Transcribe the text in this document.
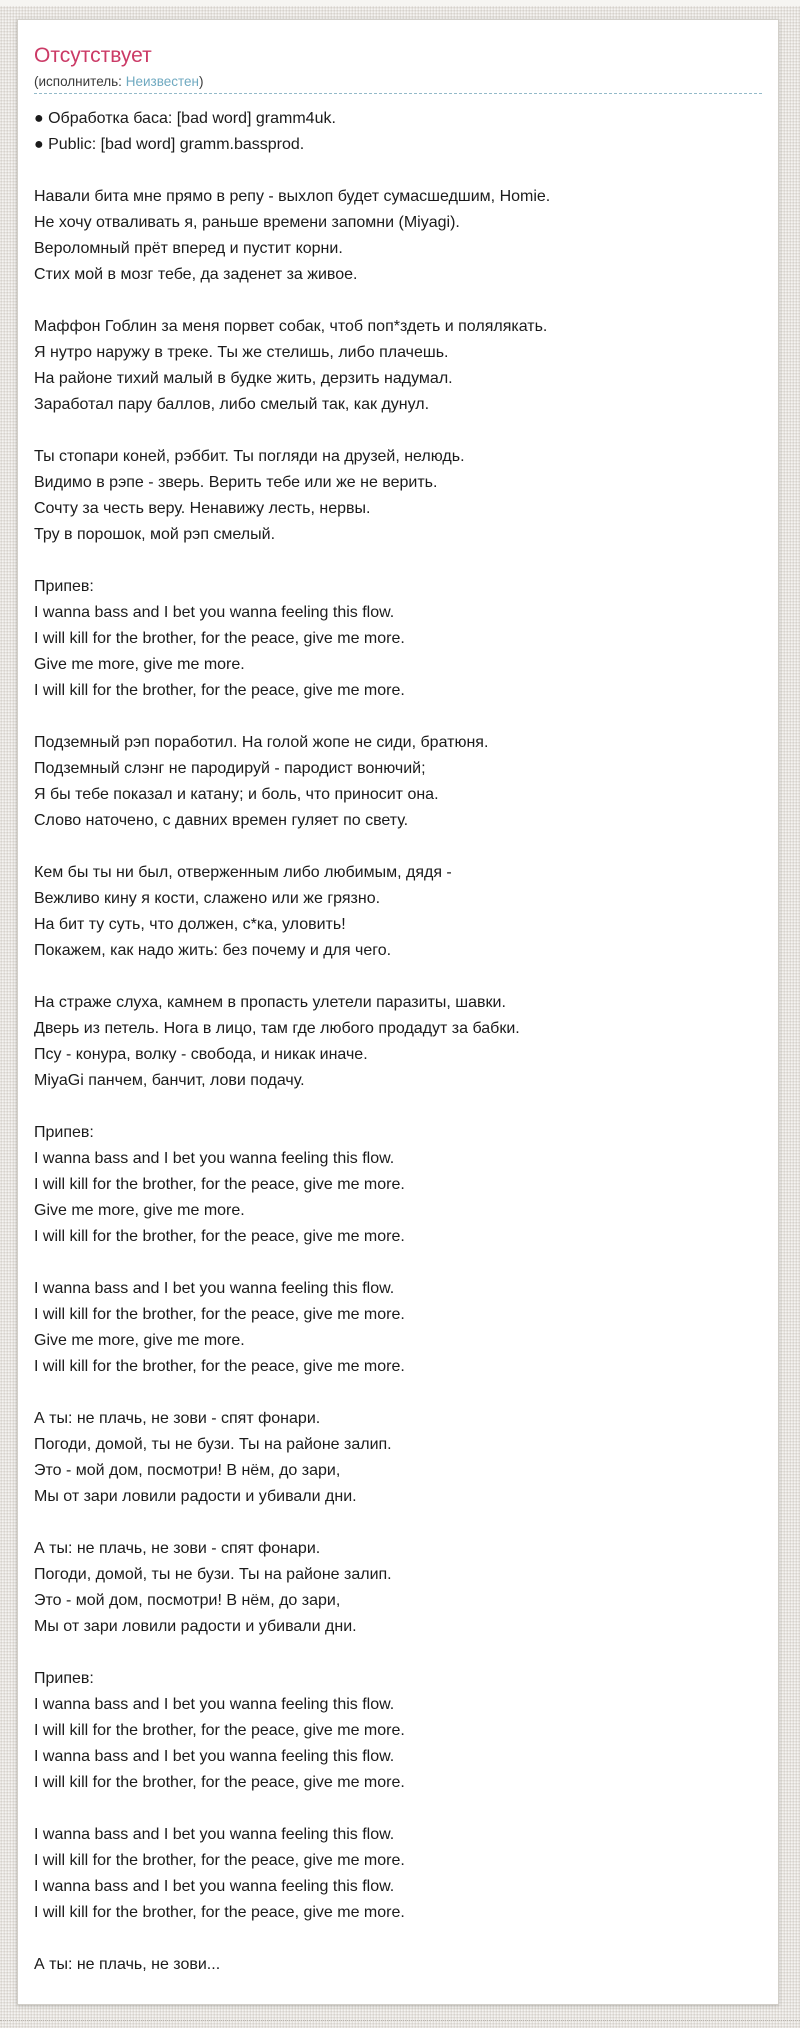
Отсутствует
(исполнитель: Неизвестен)

● Обработка баса: [bad word] gramm4uk.
● Public: [bad word] gramm.bassprod.

Навали бита мне прямо в репу - выхлоп будет сумасшедшим, Homie.
Не хочу отваливать я, раньше времени запомни (Miyagi).
Вероломный прёт вперед и пустит корни.
Стих мой в мозг тебе, да заденет за живое.

Маффон Гоблин за меня порвет собак, чтоб поп*здеть и полялякать.
Я нутро наружу в треке. Ты же стелишь, либо плачешь.
На районе тихий малый в будке жить, дерзить надумал.
Заработал пару баллов, либо смелый так, как дунул.

Ты стопари коней, рэббит. Ты погляди на друзей, нелюдь.
Видимо в рэпе - зверь. Верить тебе или же не верить.
Сочту за честь веру. Ненавижу лесть, нервы.
Тру в порошок, мой рэп смелый.

Припев:
I wanna bass and I bet you wanna feeling this flow.
I will kill for the brother, for the peace, give me more.
Give me more, give me more.
I will kill for the brother, for the peace, give me more.

Подземный рэп поработил. На голой жопе не сиди, братюня.
Подземный слэнг не пародируй - пародист вонючий;
Я бы тебе показал и катану; и боль, что приносит она.
Слово наточено, с давних времен гуляет по свету.

Кем бы ты ни был, отверженным либо любимым, дядя -
Вежливо кину я кости, слажено или же грязно.
На бит ту суть, что должен, с*ка, уловить!
Покажем, как надо жить: без почему и для чего.

На страже слуха, камнем в пропасть улетели паразиты, шавки.
Дверь из петель. Нога в лицо, там где любого продадут за бабки.
Псу - конура, волку - свобода, и никак иначе.
MiyaGi панчем, банчит, лови подачу.

Припев:
I wanna bass and I bet you wanna feeling this flow.
I will kill for the brother, for the peace, give me more.
Give me more, give me more.
I will kill for the brother, for the peace, give me more.

I wanna bass and I bet you wanna feeling this flow.
I will kill for the brother, for the peace, give me more.
Give me more, give me more.
I will kill for the brother, for the peace, give me more.

А ты: не плачь, не зови - спят фонари.
Погоди, домой, ты не бузи. Ты на районе залип.
Это - мой дом, посмотри! В нём, до зари,
Мы от зари ловили радости и убивали дни.

А ты: не плачь, не зови - спят фонари.
Погоди, домой, ты не бузи. Ты на районе залип.
Это - мой дом, посмотри! В нём, до зари,
Мы от зари ловили радости и убивали дни.

Припев:
I wanna bass and I bet you wanna feeling this flow.
I will kill for the brother, for the peace, give me more.
I wanna bass and I bet you wanna feeling this flow.
I will kill for the brother, for the peace, give me more.

I wanna bass and I bet you wanna feeling this flow.
I will kill for the brother, for the peace, give me more.
I wanna bass and I bet you wanna feeling this flow.
I will kill for the brother, for the peace, give me more.

А ты: не плачь, не зови...
